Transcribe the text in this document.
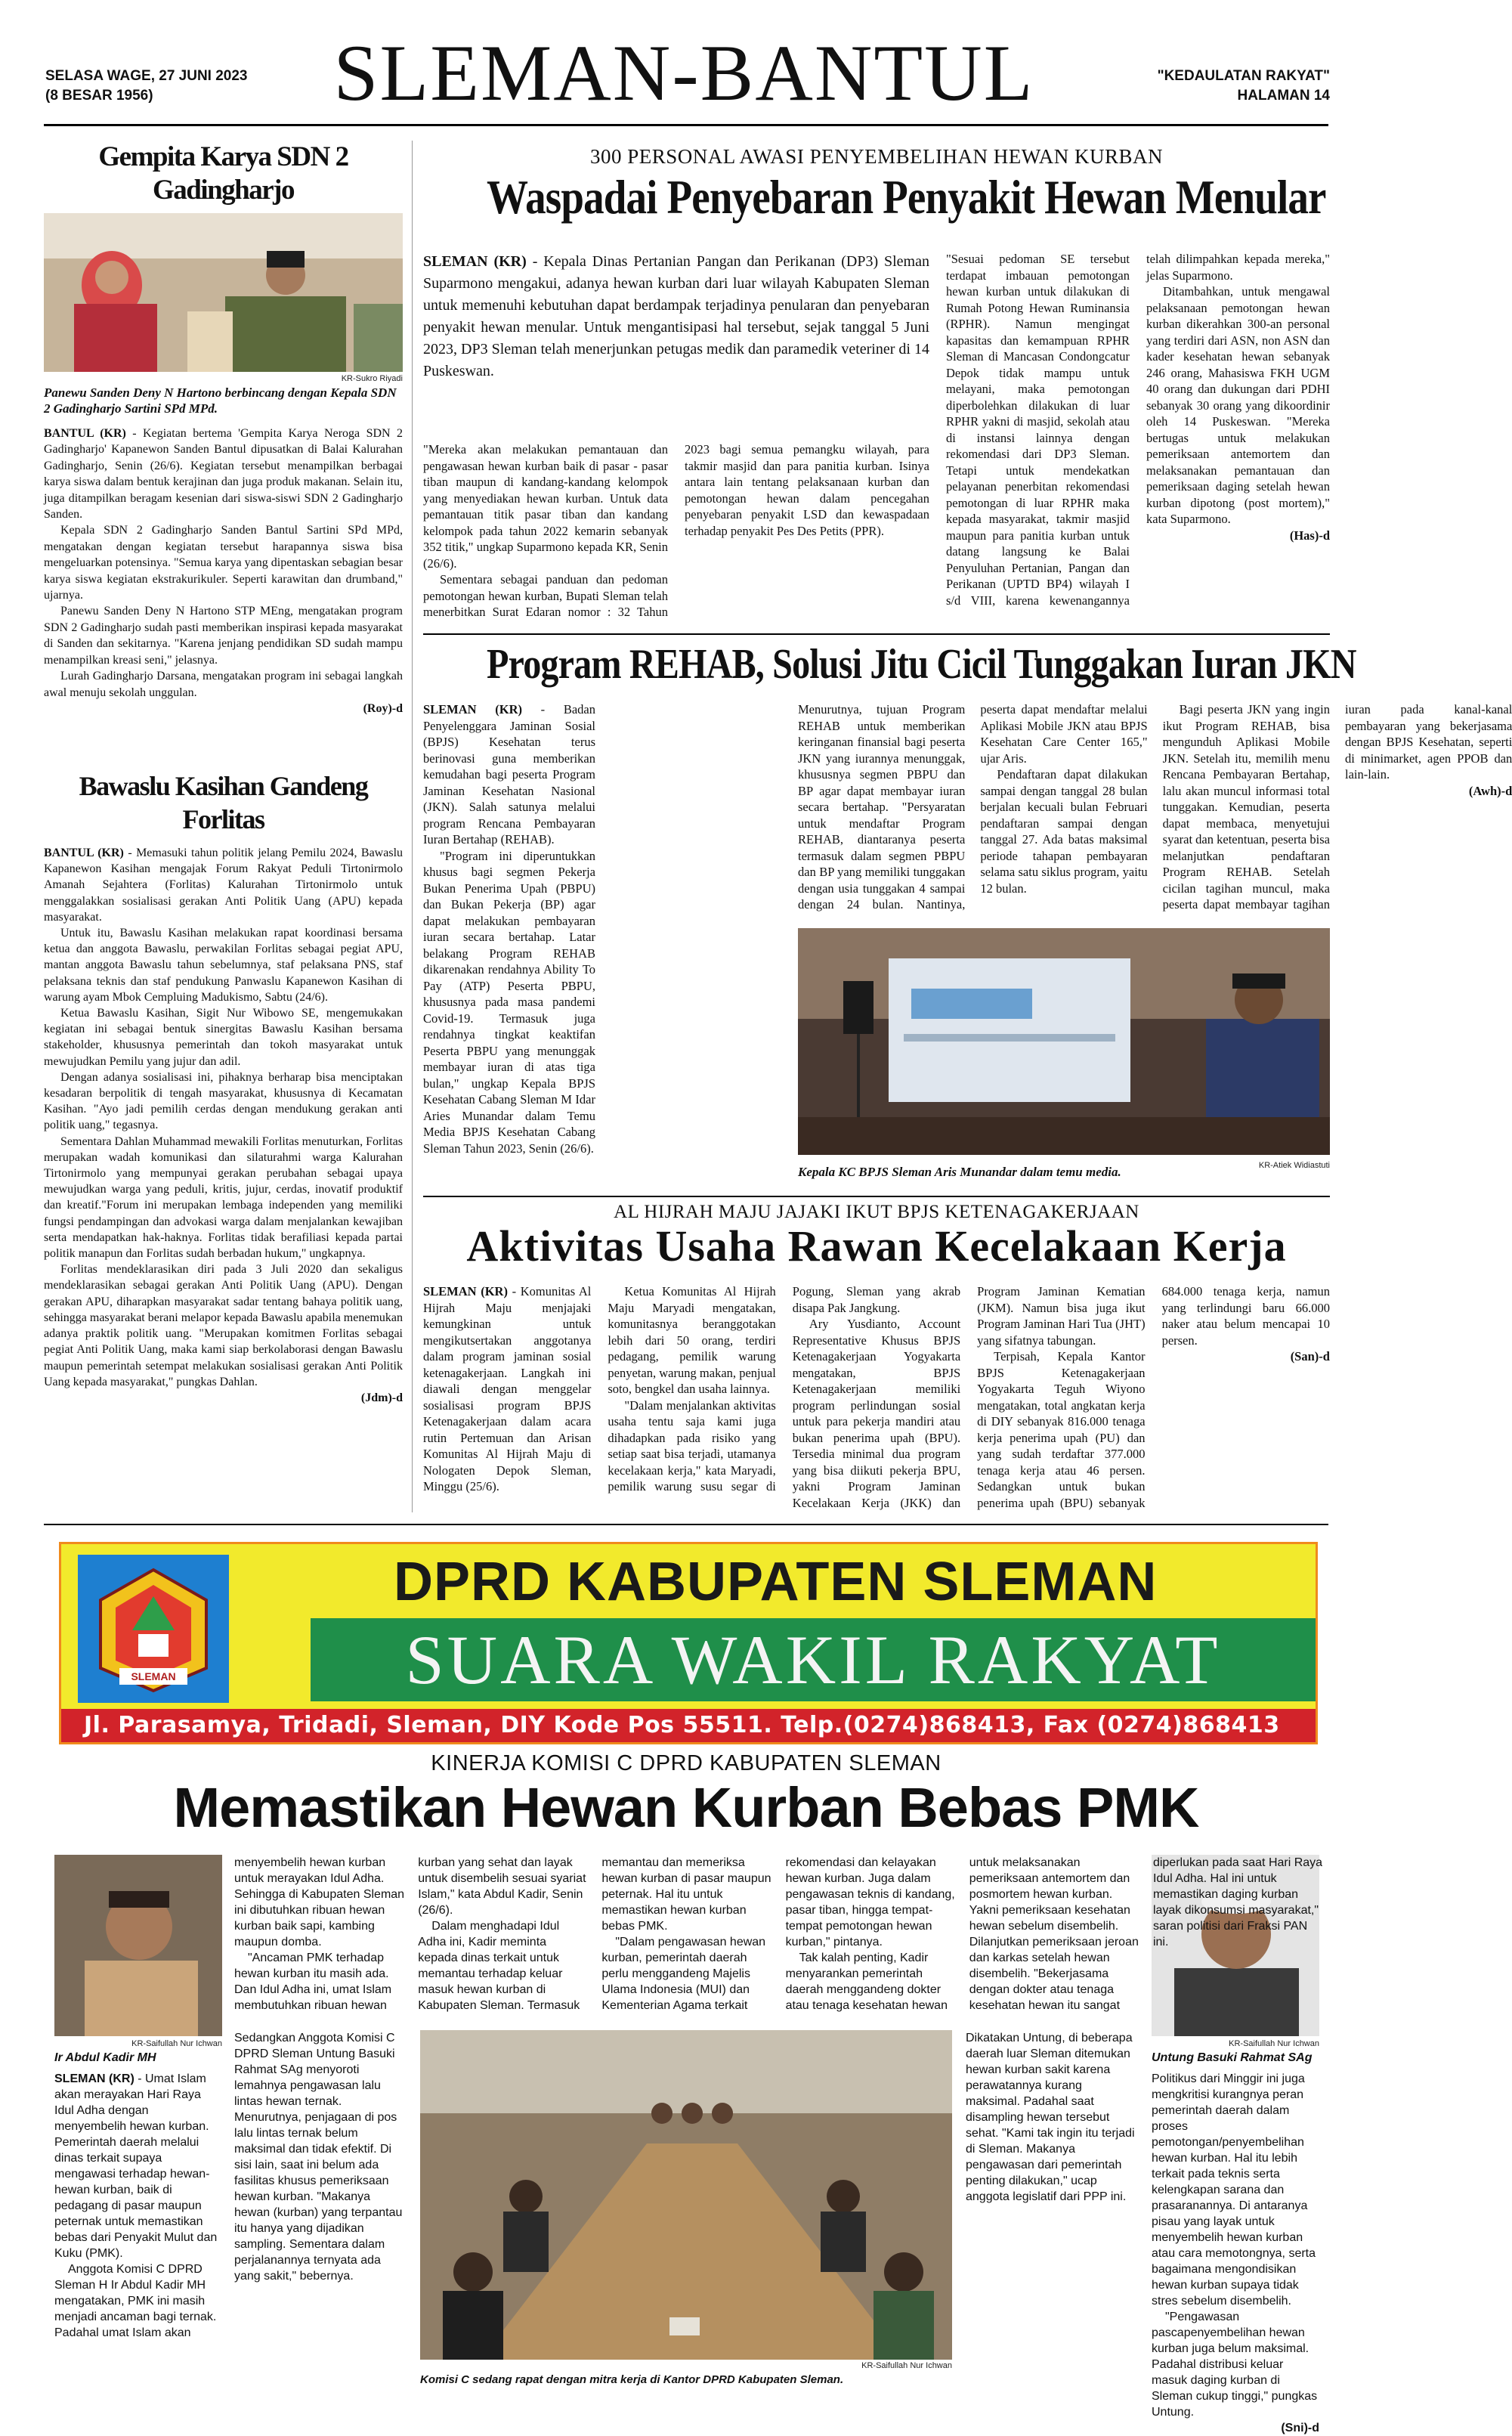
SELASA WAGE, 27 JUNI 2023
(8 BESAR 1956)	SLEMAN-BANTUL	"KEDAULATAN RAKYAT"
HALAMAN 14
Gempita Karya SDN 2 Gadingharjo
KR-Sukro Riyadi
Panewu Sanden Deny N Hartono berbincang dengan Kepala SDN 2 Gadingharjo Sartini SPd MPd.

BANTUL (KR) - Kegiatan bertema 'Gempita Karya Neroga SDN 2 Gadingharjo' Kapanewon Sanden Bantul dipusatkan di Balai Kalurahan Gadingharjo, Senin (26/6). Kegiatan tersebut menampilkan berbagai karya siswa dalam bentuk kerajinan dan juga produk makanan. Selain itu, juga ditampilkan beragam kesenian dari siswa-siswi SDN 2 Gadingharjo Sanden.

Kepala SDN 2 Gadingharjo Sanden Bantul Sartini SPd MPd, mengatakan dengan kegiatan tersebut harapannya siswa bisa mengeluarkan potensinya. "Semua karya yang dipentaskan sebagian besar karya siswa kegiatan ekstrakurikuler. Seperti karawitan dan drumband," ujarnya.

Panewu Sanden Deny N Hartono STP MEng, mengatakan program SDN 2 Gadingharjo sudah pasti memberikan inspirasi kepada masyarakat di Sanden dan sekitarnya. "Karena jenjang pendidikan SD sudah mampu menampilkan kreasi seni," jelasnya.

Lurah Gadingharjo Darsana, mengatakan program ini sebagai langkah awal menuju sekolah unggulan.

(Roy)-d
Bawaslu Kasihan Gandeng Forlitas

BANTUL (KR) - Memasuki tahun politik jelang Pemilu 2024, Bawaslu Kapanewon Kasihan mengajak Forum Rakyat Peduli Tirtonirmolo Amanah Sejahtera (Forlitas) Kalurahan Tirtonirmolo untuk menggalakkan sosialisasi gerakan Anti Politik Uang (APU) kepada masyarakat.

Untuk itu, Bawaslu Kasihan melakukan rapat koordinasi bersama ketua dan anggota Bawaslu, perwakilan Forlitas sebagai pegiat APU, mantan anggota Bawaslu tahun sebelumnya, staf pelaksana PNS, staf pelaksana teknis dan staf pendukung Panwaslu Kapanewon Kasihan di warung ayam Mbok Cempluing Madukismo, Sabtu (24/6).

Ketua Bawaslu Kasihan, Sigit Nur Wibowo SE, mengemukakan kegiatan ini sebagai bentuk sinergitas Bawaslu Kasihan bersama stakeholder, khususnya pemerintah dan tokoh masyarakat untuk mewujudkan Pemilu yang jujur dan adil.

Dengan adanya sosialisasi ini, pihaknya berharap bisa menciptakan kesadaran berpolitik di tengah masyarakat, khususnya di Kecamatan Kasihan. "Ayo jadi pemilih cerdas dengan mendukung gerakan anti politik uang," tegasnya.

Sementara Dahlan Muhammad mewakili Forlitas menuturkan, Forlitas merupakan wadah komunikasi dan silaturahmi warga Kalurahan Tirtonirmolo yang mempunyai gerakan perubahan sebagai upaya mewujudkan warga yang peduli, kritis, jujur, cerdas, inovatif produktif dan kreatif."Forum ini merupakan lembaga independen yang memiliki fungsi pendampingan dan advokasi warga dalam menjalankan kewajiban serta mendapatkan hak-haknya. Forlitas tidak berafiliasi kepada partai politik manapun dan Forlitas sudah berbadan hukum," ungkapnya.

Forlitas mendeklarasikan diri pada 3 Juli 2020 dan sekaligus mendeklarasikan sebagai gerakan Anti Politik Uang (APU). Dengan gerakan APU, diharapkan masyarakat sadar tentang bahaya politik uang, sehingga masyarakat berani melapor kepada Bawaslu apabila menemukan adanya praktik politik uang. "Merupakan komitmen Forlitas sebagai pegiat Anti Politik Uang, maka kami siap berkolaborasi dengan Bawaslu maupun pemerintah setempat melakukan sosialisasi gerakan Anti Politik Uang kepada masyarakat," pungkas Dahlan.

(Jdm)-d
300 PERSONAL AWASI PENYEMBELIHAN HEWAN KURBAN
Waspadai Penyebaran Penyakit Hewan Menular

SLEMAN (KR) - Kepala Dinas Pertanian Pangan dan Perikanan (DP3) Sleman Suparmono mengakui, adanya hewan kurban dari luar wilayah Kabupaten Sleman untuk memenuhi kebutuhan dapat berdampak terjadinya penularan dan penyebaran penyakit hewan menular. Untuk mengantisipasi hal tersebut, sejak tanggal 5 Juni 2023, DP3 Sleman telah menerjunkan petugas medik dan paramedik veteriner di 14 Puskeswan.

"Mereka akan melakukan pemantauan dan pengawasan hewan kurban baik di pasar - pasar tiban maupun di kandang-kandang kelompok yang menyediakan hewan kurban. Untuk data pemantauan titik pasar tiban dan kandang kelompok pada tahun 2022 kemarin sebanyak 352 titik," ungkap Suparmono kepada KR, Senin (26/6).

Sementara sebagai panduan dan pedoman pemotongan hewan kurban, Bupati Sleman telah menerbitkan Surat Edaran nomor : 32 Tahun 2023 bagi semua pemangku wilayah, para takmir masjid dan para panitia kurban. Isinya antara lain tentang pelaksanaan kurban dan pemotongan hewan dalam pencegahan penyebaran penyakit LSD dan kewaspadaan terhadap penyakit Pes Des Petits (PPR).

"Sesuai pedoman SE tersebut terdapat imbauan pemotongan hewan kurban untuk dilakukan di Rumah Potong Hewan Ruminansia (RPHR). Namun mengingat kapasitas dan kemampuan RPHR Sleman di Mancasan Condongcatur Depok tidak mampu untuk melayani, maka pemotongan diperbolehkan dilakukan di luar RPHR yakni di masjid, sekolah atau di instansi lainnya dengan rekomendasi dari DP3 Sleman. Tetapi untuk mendekatkan pelayanan penerbitan rekomendasi pemotongan di luar RPHR maka kepada masyarakat, takmir masjid maupun para panitia kurban untuk datang langsung ke Balai Penyuluhan Pertanian, Pangan dan Perikanan (UPTD BP4) wilayah I s/d VIII, karena kewenangannya telah dilimpahkan kepada mereka," jelas Suparmono.

Ditambahkan, untuk mengawal pelaksanaan pemotongan hewan kurban dikerahkan 300-an personal yang terdiri dari ASN, non ASN dan kader kesehatan hewan sebanyak 246 orang, Mahasiswa FKH UGM 40 orang dan dukungan dari PDHI sebanyak 30 orang yang dikoordinir oleh 14 Puskeswan. "Mereka bertugas untuk melakukan pemeriksaan antemortem dan melaksanakan pemantauan dan pemeriksaan daging setelah hewan kurban dipotong (post mortem)," kata Suparmono.

(Has)-d
Program REHAB, Solusi Jitu Cicil Tunggakan Iuran JKN

SLEMAN (KR) - Badan Penyelenggara Jaminan Sosial (BPJS) Kesehatan terus berinovasi guna memberikan kemudahan bagi peserta Program Jaminan Kesehatan Nasional (JKN). Salah satunya melalui program Rencana Pembayaran Iuran Bertahap (REHAB).

"Program ini diperuntukkan khusus bagi segmen Pekerja Bukan Penerima Upah (PBPU) dan Bukan Pekerja (BP) agar dapat melakukan pembayaran iuran secara bertahap. Latar belakang Program REHAB dikarenakan rendahnya Ability To Pay (ATP) Peserta PBPU, khususnya pada masa pandemi Covid-19. Termasuk juga rendahnya tingkat keaktifan Peserta PBPU yang menunggak membayar iuran di atas tiga bulan," ungkap Kepala BPJS Kesehatan Cabang Sleman M Idar Aries Munandar dalam Temu Media BPJS Kesehatan Cabang Sleman Tahun 2023, Senin (26/6).

Menurutnya, tujuan Program REHAB untuk memberikan keringanan finansial bagi peserta JKN yang iurannya menunggak, khususnya segmen PBPU dan BP agar dapat membayar iuran secara bertahap. "Persyaratan untuk mendaftar Program REHAB, diantaranya peserta termasuk dalam segmen PBPU dan BP yang memiliki tunggakan dengan usia tunggakan 4 sampai dengan 24 bulan. Nantinya, peserta dapat mendaftar melalui Aplikasi Mobile JKN atau BPJS Kesehatan Care Center 165," ujar Aris.

Pendaftaran dapat dilakukan sampai dengan tanggal 28 bulan berjalan kecuali bulan Februari pendaftaran sampai dengan tanggal 27. Ada batas maksimal periode tahapan pembayaran selama satu siklus program, yaitu 12 bulan.

Bagi peserta JKN yang ingin ikut Program REHAB, bisa mengunduh Aplikasi Mobile JKN. Setelah itu, memilih menu Rencana Pembayaran Bertahap, lalu akan muncul informasi total tunggakan. Kemudian, peserta dapat membaca, menyetujui syarat dan ketentuan, peserta bisa melanjutkan pendaftaran Program REHAB. Setelah cicilan tagihan muncul, maka peserta dapat membayar tagihan iuran pada kanal-kanal pembayaran yang bekerjasama dengan BPJS Kesehatan, seperti di minimarket, agen PPOB dan lain-lain.

(Awh)-d
KR-Atiek Widiastuti
Kepala KC BPJS Sleman Aris Munandar dalam temu media.
AL HIJRAH MAJU JAJAKI IKUT BPJS KETENAGAKERJAAN
Aktivitas Usaha Rawan Kecelakaan Kerja

SLEMAN (KR) - Komunitas Al Hijrah Maju menjajaki kemungkinan untuk mengikutsertakan anggotanya dalam program jaminan sosial ketenagakerjaan. Langkah ini diawali dengan menggelar sosialisasi program BPJS Ketenagakerjaan dalam acara rutin Pertemuan dan Arisan Komunitas Al Hijrah Maju di Nologaten Depok Sleman, Minggu (25/6).

Ketua Komunitas Al Hijrah Maju Maryadi mengatakan, komunitasnya beranggotakan lebih dari 50 orang, terdiri pedagang, pemilik warung penyetan, warung makan, penjual soto, bengkel dan usaha lainnya.

"Dalam menjalankan aktivitas usaha tentu saja kami juga dihadapkan pada risiko yang setiap saat bisa terjadi, utamanya kecelakaan kerja," kata Maryadi, pemilik warung susu segar di Pogung, Sleman yang akrab disapa Pak Jangkung.

Ary Yusdianto, Account Representative Khusus BPJS Ketenagakerjaan Yogyakarta mengatakan, BPJS Ketenagakerjaan memiliki program perlindungan sosial untuk para pekerja mandiri atau bukan penerima upah (BPU). Tersedia minimal dua program yang bisa diikuti pekerja BPU, yakni Program Jaminan Kecelakaan Kerja (JKK) dan Program Jaminan Kematian (JKM). Namun bisa juga ikut Program Jaminan Hari Tua (JHT) yang sifatnya tabungan.

Terpisah, Kepala Kantor BPJS Ketenagakerjaan Yogyakarta Teguh Wiyono mengatakan, total angkatan kerja di DIY sebanyak 816.000 tenaga kerja penerima upah (PU) dan yang sudah terdaftar 377.000 tenaga kerja atau 46 persen. Sedangkan untuk bukan penerima upah (BPU) sebanyak 684.000 tenaga kerja, namun yang terlindungi baru 66.000 naker atau belum mencapai 10 persen.

(San)-d
DPRD KABUPATEN SLEMAN
SUARA WAKIL RAKYAT
Jl. Parasamya, Tridadi, Sleman, DIY Kode Pos 55511. Telp.(0274)868413, Fax (0274)868413
SLEMAN
KINERJA KOMISI C DPRD KABUPATEN SLEMAN
Memastikan Hewan Kurban Bebas PMK
KR-Saifullah Nur Ichwan
Ir Abdul Kadir MH
KR-Saifullah Nur Ichwan
Untung Basuki Rahmat SAg

SLEMAN (KR) - Umat Islam akan merayakan Hari Raya Idul Adha dengan menyembelih hewan kurban. Pemerintah daerah melalui dinas terkait supaya mengawasi terhadap hewan-hewan kurban, baik di pedagang di pasar maupun peternak untuk memastikan bebas dari Penyakit Mulut dan Kuku (PMK).

Anggota Komisi C DPRD Sleman H Ir Abdul Kadir MH mengatakan, PMK ini masih menjadi ancaman bagi ternak. Padahal umat Islam akan

menyembelih hewan kurban untuk merayakan Idul Adha. Sehingga di Kabupaten Sleman ini dibutuhkan ribuan hewan kurban baik sapi, kambing maupun domba.

"Ancaman PMK terhadap hewan kurban itu masih ada. Dan Idul Adha ini, umat Islam membutuhkan ribuan hewan kurban yang sehat dan layak untuk disembelih sesuai syariat Islam," kata Abdul Kadir, Senin (26/6).

Dalam menghadapi Idul Adha ini, Kadir meminta kepada dinas terkait untuk memantau terhadap keluar masuk hewan kurban di Kabupaten Sleman. Termasuk memantau dan memeriksa hewan kurban di pasar maupun peternak. Hal itu untuk memastikan hewan kurban bebas PMK.

"Dalam pengawasan hewan kurban, pemerintah daerah perlu menggandeng Majelis Ulama Indonesia (MUI) dan Kementerian Agama terkait rekomendasi dan kelayakan hewan kurban. Juga dalam pengawasan teknis di kandang, pasar tiban, hingga tempat-tempat pemotongan hewan kurban," pintanya.

Tak kalah penting, Kadir menyarankan pemerintah daerah menggandeng dokter atau tenaga kesehatan hewan untuk melaksanakan pemeriksaan antemortem dan posmortem hewan kurban. Yakni pemeriksaan kesehatan hewan sebelum disembelih. Dilanjutkan pemeriksaan jeroan dan karkas setelah hewan disembelih. "Bekerjasama dengan dokter atau tenaga kesehatan hewan itu sangat diperlukan pada saat Hari Raya Idul Adha. Hal ini untuk memastikan daging kurban layak dikonsumsi masyarakat," saran politisi dari Fraksi PAN ini.

KR-Saifullah Nur Ichwan
Komisi C sedang rapat dengan mitra kerja di Kantor DPRD Kabupaten Sleman.

Sedangkan Anggota Komisi C DPRD Sleman Untung Basuki Rahmat SAg menyoroti lemahnya pengawasan lalu lintas hewan ternak. Menurutnya, penjagaan di pos lalu lintas ternak belum maksimal dan tidak efektif. Di sisi lain, saat ini belum ada fasilitas khusus pemeriksaan hewan kurban. "Makanya hewan (kurban) yang terpantau itu hanya yang dijadikan sampling. Sementara dalam perjalanannya ternyata ada yang sakit," bebernya.

Dikatakan Untung, di beberapa daerah luar Sleman ditemukan hewan kurban sakit karena perawatannya kurang maksimal. Padahal saat disampling hewan tersebut sehat. "Kami tak ingin itu terjadi di Sleman. Makanya pengawasan dari pemerintah penting dilakukan," ucap anggota legislatif dari PPP ini.

Politikus dari Minggir ini juga mengkritisi kurangnya peran pemerintah daerah dalam proses pemotongan/penyembelihan hewan kurban. Hal itu lebih terkait pada teknis serta kelengkapan sarana dan prasaranannya. Di antaranya pisau yang layak untuk menyembelih hewan kurban atau cara memotongnya, serta bagaimana mengondisikan hewan kurban supaya tidak stres sebelum disembelih.

"Pengawasan pascapenyembelihan hewan kurban juga belum maksimal. Padahal distribusi keluar masuk daging kurban di Sleman cukup tinggi," pungkas Untung.

(Sni)-d
